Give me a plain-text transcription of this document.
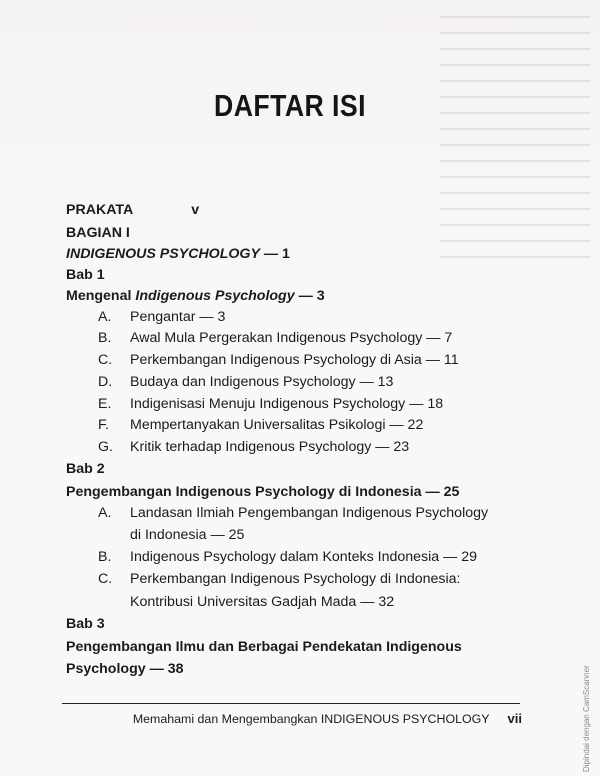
DAFTAR ISI
PRAKATA	v
BAGIAN I
INDIGENOUS PSYCHOLOGY — 1
Bab 1
Mengenal Indigenous Psychology — 3
A. Pengantar — 3
B. Awal Mula Pergerakan Indigenous Psychology — 7
C. Perkembangan Indigenous Psychology di Asia — 11
D. Budaya dan Indigenous Psychology — 13
E. Indigenisasi Menuju Indigenous Psychology — 18
F. Mempertanyakan Universalitas Psikologi — 22
G. Kritik terhadap Indigenous Psychology — 23
Bab 2
Pengembangan Indigenous Psychology di Indonesia — 25
A. Landasan Ilmiah Pengembangan Indigenous Psychology
di Indonesia — 25
B. Indigenous Psychology dalam Konteks Indonesia — 29
C. Perkembangan Indigenous Psychology di Indonesia:
Kontribusi Universitas Gadjah Mada — 32
Bab 3
Pengembangan Ilmu dan Berbagai Pendekatan Indigenous
Psychology — 38
Memahami dan Mengembangkan INDIGENOUS PSYCHOLOGY vii	Dipindai dengan CamScanner
